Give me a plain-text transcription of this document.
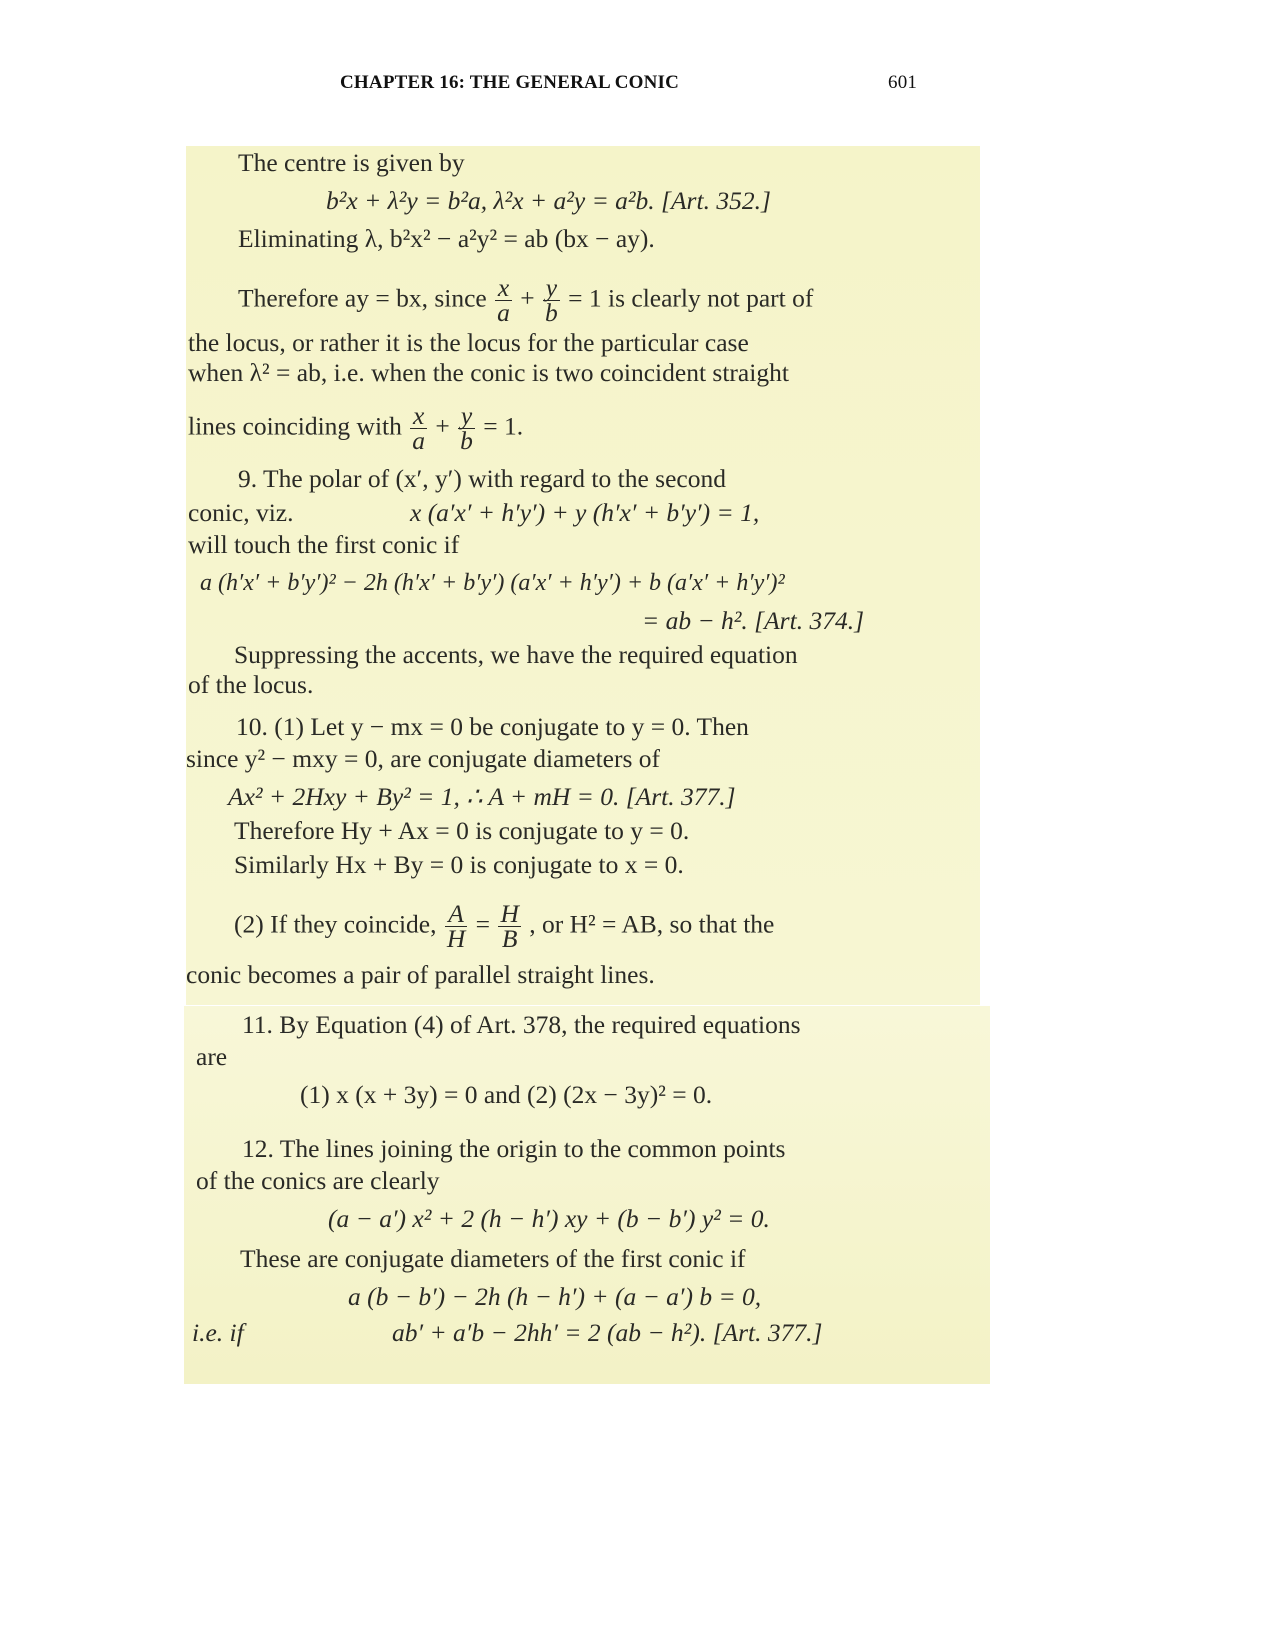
CHAPTER 16: THE GENERAL CONIC	601
The centre is given by
b²x + λ²y = b²a, λ²x + a²y = a²b. [Art. 352.]
Eliminating λ, b²x² − a²y² = ab (bx − ay).
Therefore ay = bx, since $\frac{x}{a} + \frac{y}{b} = 1$ is clearly not part of
the locus, or rather it is the locus for the particular case
when λ² = ab, i.e. when the conic is two coincident straight
lines coinciding with $\frac{x}{a} + \frac{y}{b} = 1$.
9. The polar of (x′, y′) with regard to the second
conic, viz.	x (a′x′ + h′y′) + y (h′x′ + b′y′) = 1,
will touch the first conic if
a (h′x′ + b′y′)² − 2h (h′x′ + b′y′) (a′x′ + h′y′) + b (a′x′ + h′y′)²
= ab − h². [Art. 374.]
Suppressing the accents, we have the required equation
of the locus.
10. (1) Let y − mx = 0 be conjugate to y = 0. Then
since y² − mxy = 0, are conjugate diameters of
Ax² + 2Hxy + By² = 1, ∴ A + mH = 0. [Art. 377.]
Therefore Hy + Ax = 0 is conjugate to y = 0.
Similarly Hx + By = 0 is conjugate to x = 0.
(2) If they coincide, $\frac{A}{H} = \frac{H}{B}$ , or H² = AB, so that the
conic becomes a pair of parallel straight lines.
11. By Equation (4) of Art. 378, the required equations
are
(1) x (x + 3y) = 0 and (2) (2x − 3y)² = 0.
12. The lines joining the origin to the common points
of the conics are clearly
(a − a′) x² + 2 (h − h′) xy + (b − b′) y² = 0.
These are conjugate diameters of the first conic if
a (b − b′) − 2h (h − h′) + (a − a′) b = 0,
i.e. if	ab′ + a′b − 2hh′ = 2 (ab − h²). [Art. 377.]
